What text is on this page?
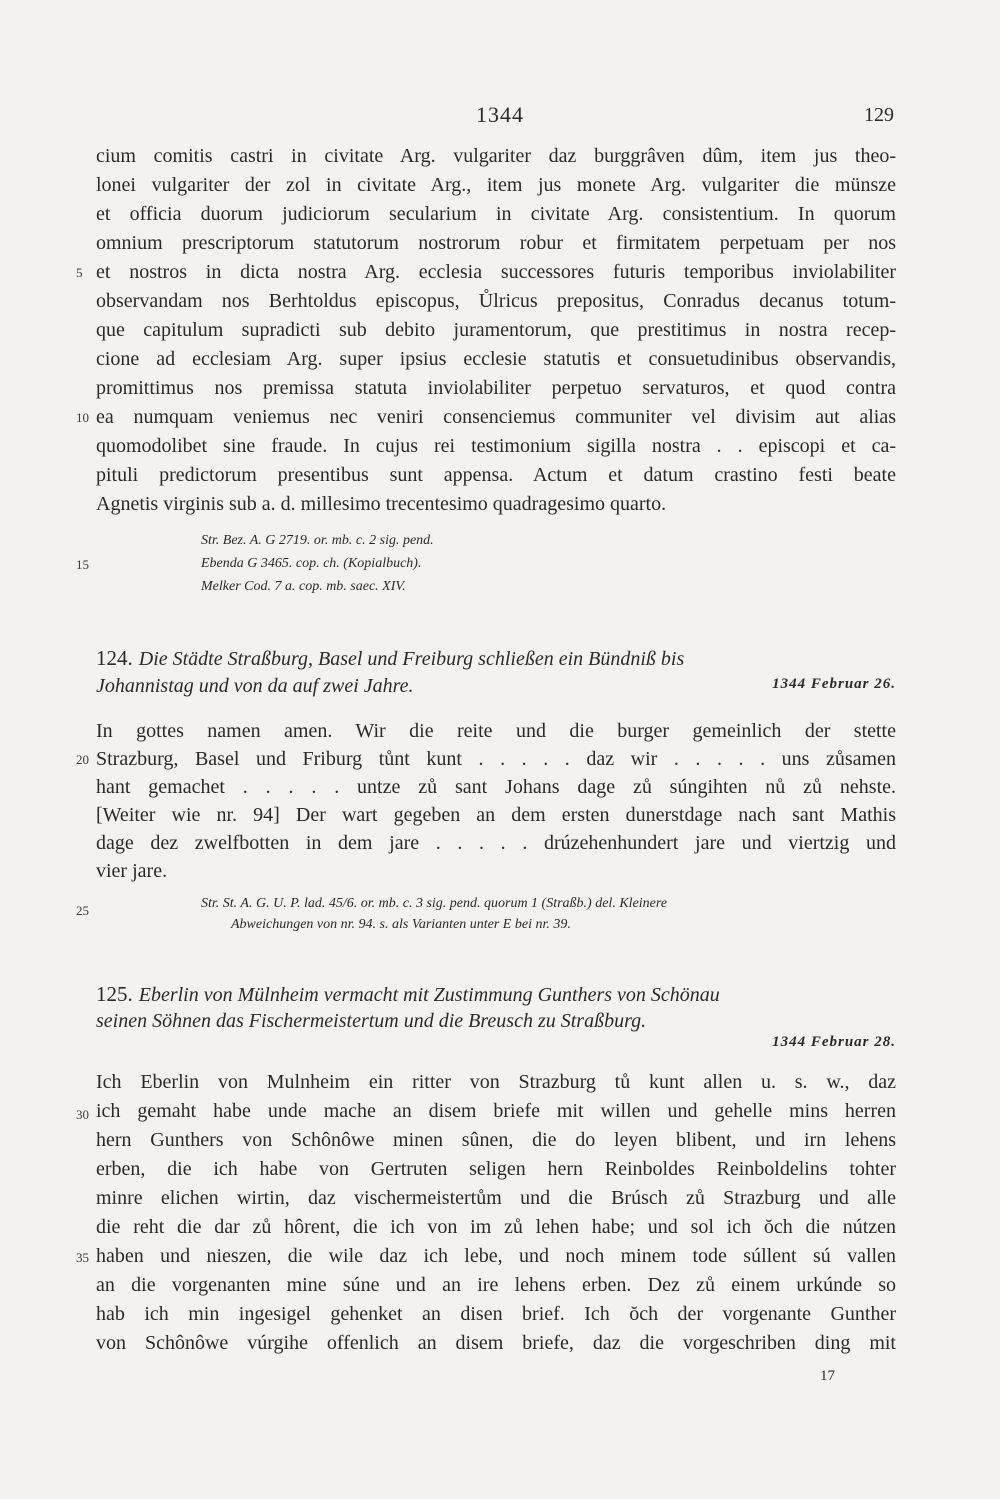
1344	129
cium comitis castri in civitate Arg. vulgariter daz burggrâven dûm, item jus theo-
lonei vulgariter der zol in civitate Arg., item jus monete Arg. vulgariter die münsze
et officia duorum judiciorum secularium in civitate Arg. consistentium. In quorum
omnium prescriptorum statutorum nostrorum robur et firmitatem perpetuam per nos
et nostros in dicta nostra Arg. ecclesia successores futuris temporibus inviolabiliter
observandam nos Berhtoldus episcopus, Ůlricus prepositus, Conradus decanus totum-
que capitulum supradicti sub debito juramentorum, que prestitimus in nostra recep-
cione ad ecclesiam Arg. super ipsius ecclesie statutis et consuetudinibus observandis,
promittimus nos premissa statuta inviolabiliter perpetuo servaturos, et quod contra
ea numquam veniemus nec veniri consenciemus communiter vel divisim aut alias
quomodolibet sine fraude. In cujus rei testimonium sigilla nostra . . episcopi et ca-
pituli predictorum presentibus sunt appensa. Actum et datum crastino festi beate
Agnetis virginis sub a. d. millesimo trecentesimo quadragesimo quarto.
Str. Bez. A. G 2719. or. mb. c. 2 sig. pend.
Ebenda G 3465. cop. ch. (Kopialbuch).
Melker Cod. 7 a. cop. mb. saec. XIV.
5
10
15
20
25
30
35
124. Die Städte Straßburg, Basel und Freiburg schließen ein Bündniß bis
Johannistag und von da auf zwei Jahre.	1344 Februar 26.
In gottes namen amen. Wir die reite und die burger gemeinlich der stette
Strazburg, Basel und Friburg tůnt kunt . . . . . daz wir . . . . . uns zůsamen
hant gemachet . . . . . untze zů sant Johans dage zů súngihten nů zů nehste.
[Weiter wie nr. 94] Der wart gegeben an dem ersten dunerstdage nach sant Mathis
dage dez zwelfbotten in dem jare . . . . . drúzehenhundert jare und viertzig und
vier jare.
Str. St. A. G. U. P. lad. 45/6. or. mb. c. 3 sig. pend. quorum 1 (Straßb.) del. Kleinere
Abweichungen von nr. 94. s. als Varianten unter E bei nr. 39.
125. Eberlin von Mülnheim vermacht mit Zustimmung Gunthers von Schönau
seinen Söhnen das Fischermeistertum und die Breusch zu Straßburg.
1344 Februar 28.
Ich Eberlin von Mulnheim ein ritter von Strazburg tů kunt allen u. s. w., daz
ich gemaht habe unde mache an disem briefe mit willen und gehelle mins herren
hern Gunthers von Schônôwe minen sûnen, die do leyen blibent, und irn lehens
erben, die ich habe von Gertruten seligen hern Reinboldes Reinboldelins tohter
minre elichen wirtin, daz vischermeistertům und die Brúsch zů Strazburg und alle
die reht die dar zů hôrent, die ich von im zů lehen habe; und sol ich ŏch die nútzen
haben und nieszen, die wile daz ich lebe, und noch minem tode súllent sú vallen
an die vorgenanten mine súne und an ire lehens erben. Dez zů einem urkúnde so
hab ich min ingesigel gehenket an disen brief. Ich ŏch der vorgenante Gunther
von Schônôwe vúrgihe offenlich an disem briefe, daz die vorgeschriben ding mit
17
